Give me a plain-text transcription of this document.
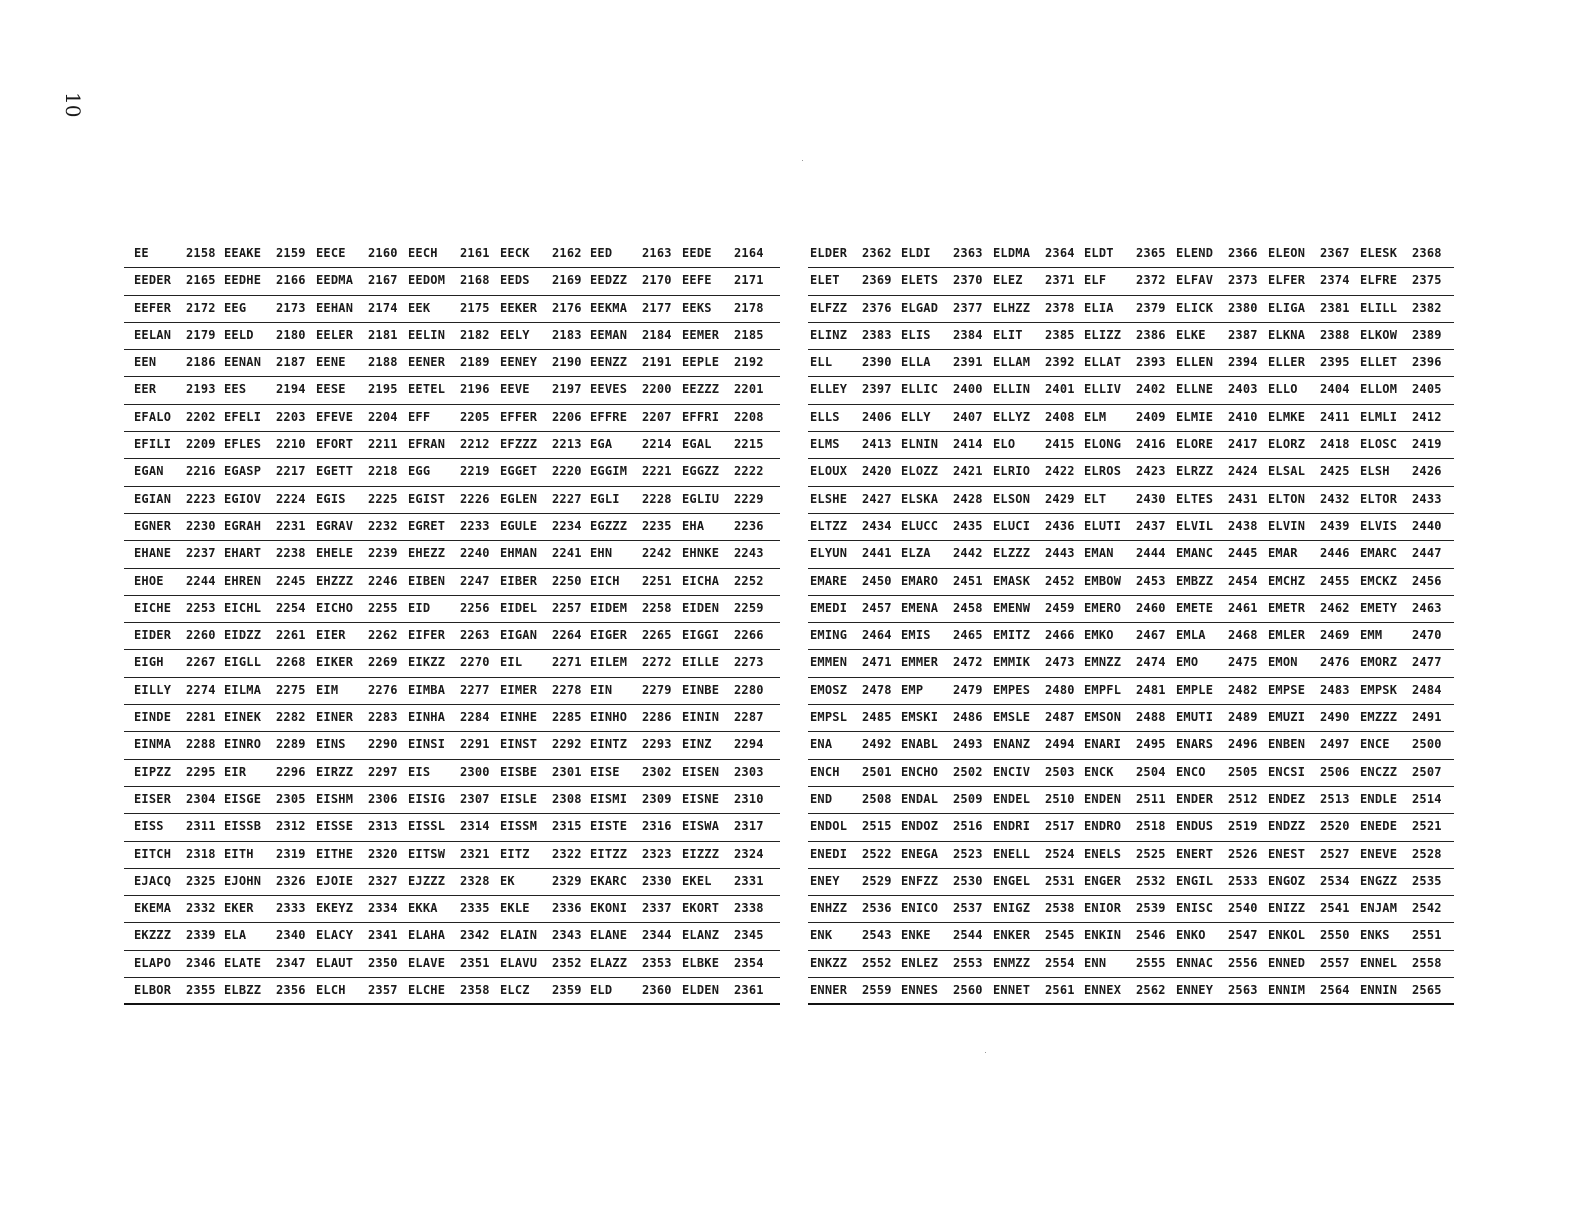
10
EE	2158 EEAKE 2159 EECE 2160 EECH 2161 EECK 2162 EED 2163 EEDE 2164
EEDER 2165 EEDHE 2166 EEDMA 2167 EEDOM 2168 EEDS 2169 EEDZZ 2170 EEFE 2171
EEFER 2172 EEG 2173 EEHAN 2174 EEK 2175 EEKER 2176 EEKMA 2177 EEKS 2178
EELAN 2179 EELD 2180 EELER 2181 EELIN 2182 EELY 2183 EEMAN 2184 EEMER 2185
EEN 2186 EENAN 2187 EENE 2188 EENER 2189 EENEY 2190 EENZZ 2191 EEPLE 2192
EER 2193 EES 2194 EESE 2195 EETEL 2196 EEVE 2197 EEVES 2200 EEZZZ 2201
EFALO 2202 EFELI 2203 EFEVE 2204 EFF 2205 EFFER 2206 EFFRE 2207 EFFRI 2208
EFILI 2209 EFLES 2210 EFORT 2211 EFRAN 2212 EFZZZ 2213 EGA 2214 EGAL 2215
EGAN 2216 EGASP 2217 EGETT 2218 EGG 2219 EGGET 2220 EGGIM 2221 EGGZZ 2222
EGIAN 2223 EGIOV 2224 EGIS 2225 EGIST 2226 EGLEN 2227 EGLI 2228 EGLIU 2229
EGNER 2230 EGRAH 2231 EGRAV 2232 EGRET 2233 EGULE 2234 EGZZZ 2235 EHA 2236
EHANE 2237 EHART 2238 EHELE 2239 EHEZZ 2240 EHMAN 2241 EHN 2242 EHNKE 2243
EHOE 2244 EHREN 2245 EHZZZ 2246 EIBEN 2247 EIBER 2250 EICH 2251 EICHA 2252
EICHE 2253 EICHL 2254 EICHO 2255 EID 2256 EIDEL 2257 EIDEM 2258 EIDEN 2259
EIDER 2260 EIDZZ 2261 EIER 2262 EIFER 2263 EIGAN 2264 EIGER 2265 EIGGI 2266
EIGH 2267 EIGLL 2268 EIKER 2269 EIKZZ 2270 EIL 2271 EILEM 2272 EILLE 2273
EILLY 2274 EILMA 2275 EIM 2276 EIMBA 2277 EIMER 2278 EIN 2279 EINBE 2280
EINDE 2281 EINEK 2282 EINER 2283 EINHA 2284 EINHE 2285 EINHO 2286 EININ 2287
EINMA 2288 EINRO 2289 EINS 2290 EINSI 2291 EINST 2292 EINTZ 2293 EINZ 2294
EIPZZ 2295 EIR 2296 EIRZZ 2297 EIS 2300 EISBE 2301 EISE 2302 EISEN 2303
EISER 2304 EISGE 2305 EISHM 2306 EISIG 2307 EISLE 2308 EISMI 2309 EISNE 2310
EISS 2311 EISSB 2312 EISSE 2313 EISSL 2314 EISSM 2315 EISTE 2316 EISWA 2317
EITCH 2318 EITH 2319 EITHE 2320 EITSW 2321 EITZ 2322 EITZZ 2323 EIZZZ 2324
EJACQ 2325 EJOHN 2326 EJOIE 2327 EJZZZ 2328 EK	2329 EKARC 2330 EKEL 2331
EKEMA 2332 EKER 2333 EKEYZ 2334 EKKA 2335 EKLE 2336 EKONI 2337 EKORT 2338
EKZZZ 2339 ELA 2340 ELACY 2341 ELAHA 2342 ELAIN 2343 ELANE 2344 ELANZ 2345
ELAPO 2346 ELATE 2347 ELAUT 2350 ELAVE 2351 ELAVU 2352 ELAZZ 2353 ELBKE 2354
ELBOR 2355 ELBZZ 2356 ELCH 2357 ELCHE 2358 ELCZ 2359 ELD 2360 ELDEN 2361
ELDER 2362 ELDI 2363 ELDMA 2364 ELDT 2365 ELEND 2366 ELEON 2367 ELESK 2368
ELET 2369 ELETS 2370 ELEZ 2371 ELF 2372 ELFAV 2373 ELFER 2374 ELFRE 2375
ELFZZ 2376 ELGAD 2377 ELHZZ 2378 ELIA 2379 ELICK 2380 ELIGA 2381 ELILL 2382
ELINZ 2383 ELIS 2384 ELIT 2385 ELIZZ 2386 ELKE 2387 ELKNA 2388 ELKOW 2389
ELL 2390 ELLA 2391 ELLAM 2392 ELLAT 2393 ELLEN 2394 ELLER 2395 ELLET 2396
ELLEY 2397 ELLIC 2400 ELLIN 2401 ELLIV 2402 ELLNE 2403 ELLO 2404 ELLOM 2405
ELLS 2406 ELLY 2407 ELLYZ 2408 ELM 2409 ELMIE 2410 ELMKE 2411 ELMLI 2412
ELMS 2413 ELNIN 2414 ELO 2415 ELONG 2416 ELORE 2417 ELORZ 2418 ELOSC 2419
ELOUX 2420 ELOZZ 2421 ELRIO 2422 ELROS 2423 ELRZZ 2424 ELSAL 2425 ELSH 2426
ELSHE 2427 ELSKA 2428 ELSON 2429 ELT 2430 ELTES 2431 ELTON 2432 ELTOR 2433
ELTZZ 2434 ELUCC 2435 ELUCI 2436 ELUTI 2437 ELVIL 2438 ELVIN 2439 ELVIS 2440
ELYUN 2441 ELZA 2442 ELZZZ 2443 EMAN 2444 EMANC 2445 EMAR 2446 EMARC 2447
EMARE 2450 EMARO 2451 EMASK 2452 EMBOW 2453 EMBZZ 2454 EMCHZ 2455 EMCKZ 2456
EMEDI 2457 EMENA 2458 EMENW 2459 EMERO 2460 EMETE 2461 EMETR 2462 EMETY 2463
EMING 2464 EMIS 2465 EMITZ 2466 EMKO 2467 EMLA 2468 EMLER 2469 EMM 2470
EMMEN 2471 EMMER 2472 EMMIK 2473 EMNZZ 2474 EMO 2475 EMON 2476 EMORZ 2477
EMOSZ 2478 EMP 2479 EMPES 2480 EMPFL 2481 EMPLE 2482 EMPSE 2483 EMPSK 2484
EMPSL 2485 EMSKI 2486 EMSLE 2487 EMSON 2488 EMUTI 2489 EMUZI 2490 EMZZZ 2491
ENA 2492 ENABL 2493 ENANZ 2494 ENARI 2495 ENARS 2496 ENBEN 2497 ENCE 2500
ENCH 2501 ENCHO 2502 ENCIV 2503 ENCK 2504 ENCO 2505 ENCSI 2506 ENCZZ 2507
END 2508 ENDAL 2509 ENDEL 2510 ENDEN 2511 ENDER 2512 ENDEZ 2513 ENDLE 2514
ENDOL 2515 ENDOZ 2516 ENDRI 2517 ENDRO 2518 ENDUS 2519 ENDZZ 2520 ENEDE 2521
ENEDI 2522 ENEGA 2523 ENELL 2524 ENELS 2525 ENERT 2526 ENEST 2527 ENEVE 2528
ENEY 2529 ENFZZ 2530 ENGEL 2531 ENGER 2532 ENGIL 2533 ENGOZ 2534 ENGZZ 2535
ENHZZ 2536 ENICO 2537 ENIGZ 2538 ENIOR 2539 ENISC 2540 ENIZZ 2541 ENJAM 2542
ENK 2543 ENKE 2544 ENKER 2545 ENKIN 2546 ENKO 2547 ENKOL 2550 ENKS 2551
ENKZZ 2552 ENLEZ 2553 ENMZZ 2554 ENN 2555 ENNAC 2556 ENNED 2557 ENNEL 2558
ENNER 2559 ENNES 2560 ENNET 2561 ENNEX 2562 ENNEY 2563 ENNIM 2564 ENNIN 2565
